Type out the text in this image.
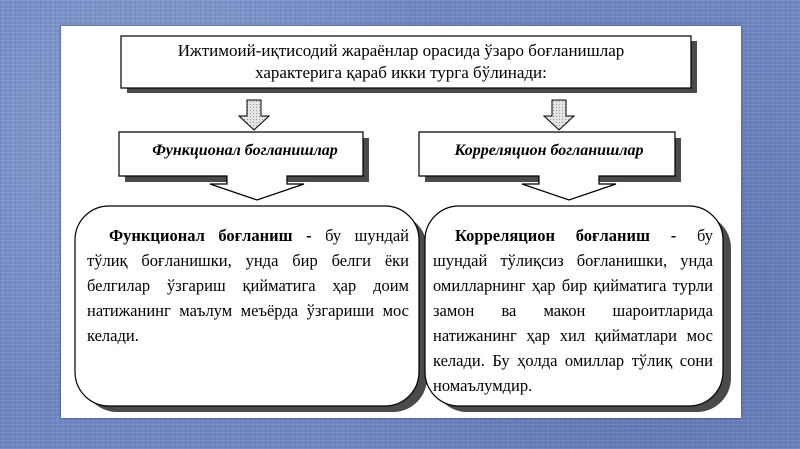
Ижтимоий-иқтисодий жараёнлар орасида ўзаро боғланишлар
характерига қараб икки турга бўлинади:
Функционал богланишлар	Корреляцион богланишлар
Функционал боғланиш - бу шундай тўлиқ боғланишки, унда бир белги ёки белгилар ўзгариш қийматига ҳар доим натижанинг маълум меъёрда ўзгариши мос келади.
Корреляцион боғланиш - бу шундай тўлиқсиз боғланишки, унда омилларнинг ҳар бир қийматига турли замон ва макон шароитларида натижанинг ҳар хил қийматлари мос келади. Бу ҳолда омиллар тўлиқ сони номаълумдир.
